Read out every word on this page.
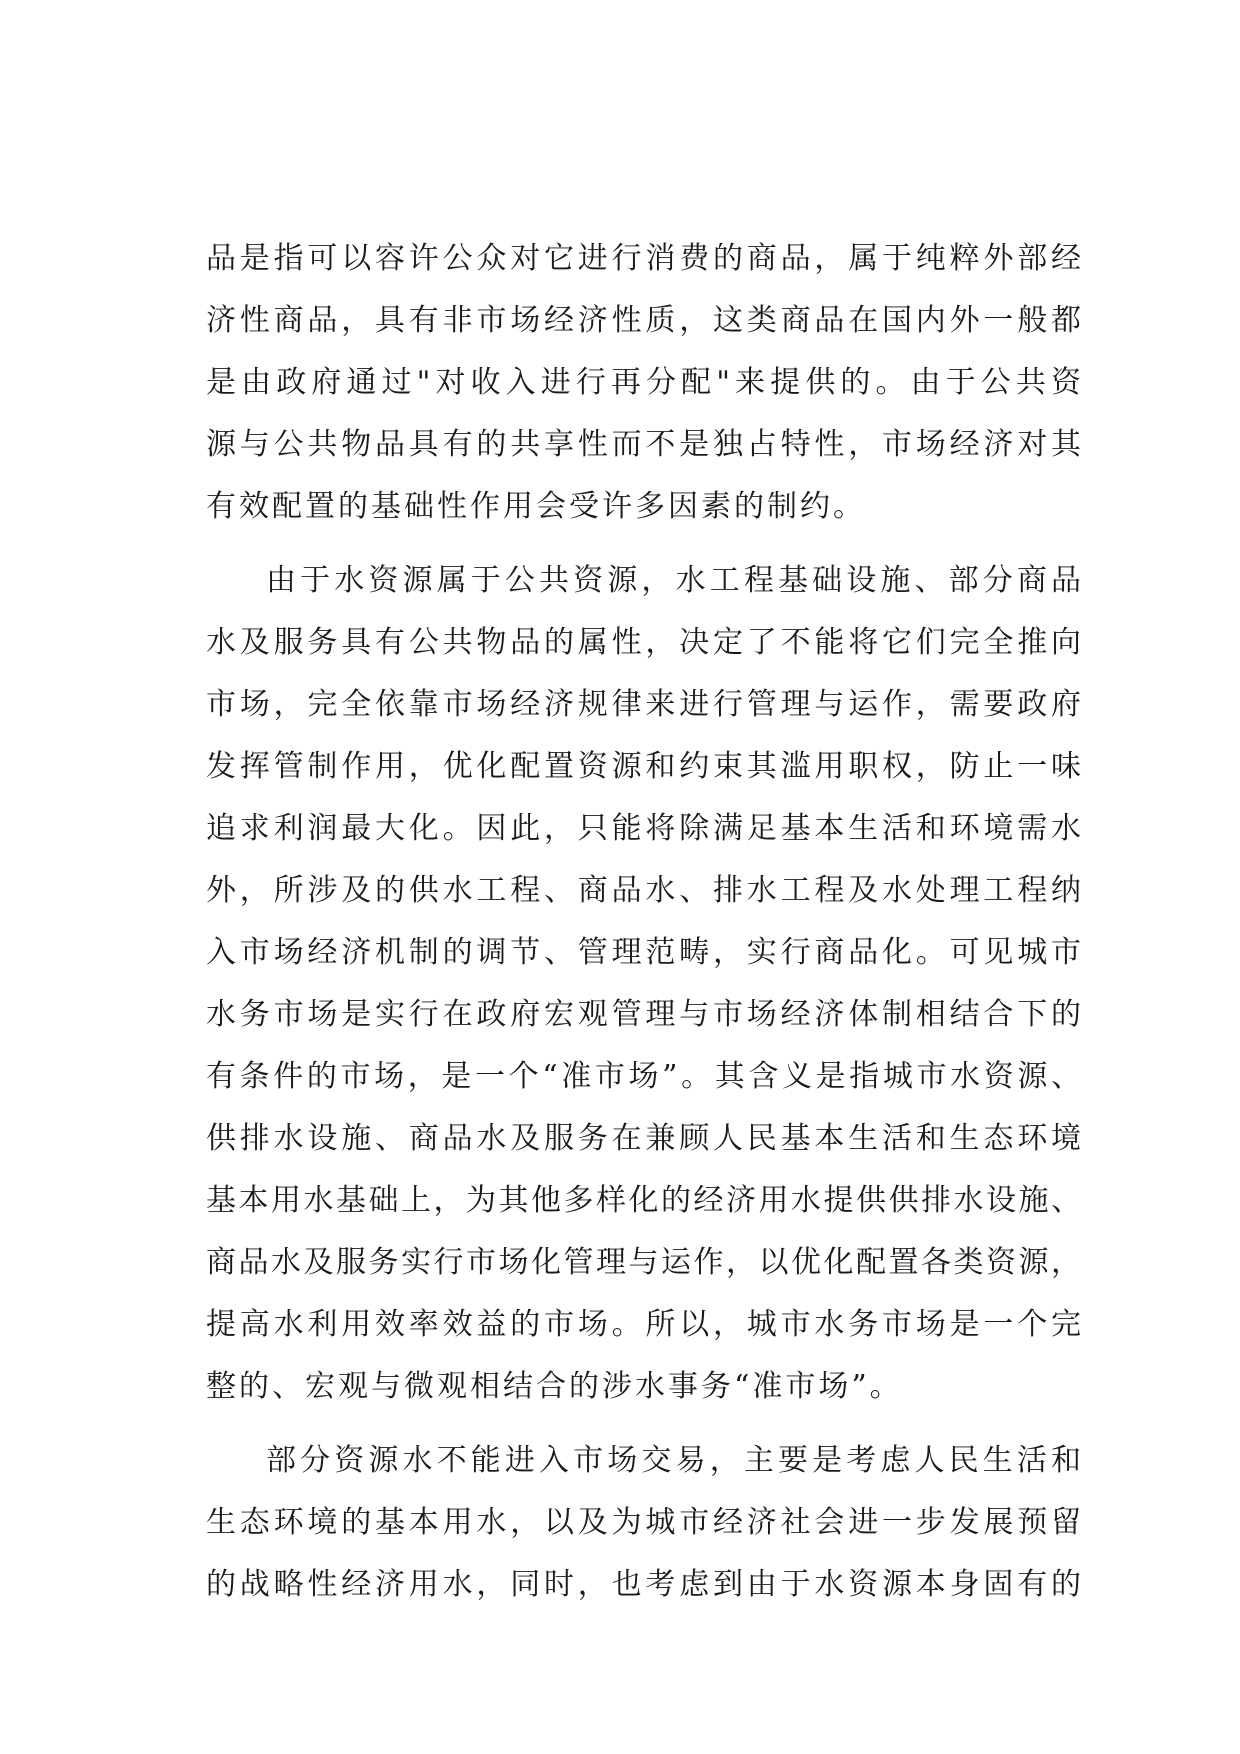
品是指可以容许公众对它进行消费的商品，属于纯粹外部经
济性商品，具有非市场经济性质，这类商品在国内外一般都
是由政府通过"对收入进行再分配"来提供的。由于公共资
源与公共物品具有的共享性而不是独占特性，市场经济对其
有效配置的基础性作用会受许多因素的制约。
由于水资源属于公共资源，水工程基础设施、部分商品
水及服务具有公共物品的属性，决定了不能将它们完全推向
市场，完全依靠市场经济规律来进行管理与运作，需要政府
发挥管制作用，优化配置资源和约束其滥用职权，防止一味
追求利润最大化。因此，只能将除满足基本生活和环境需水
外，所涉及的供水工程、商品水、排水工程及水处理工程纳
入市场经济机制的调节、管理范畴，实行商品化。可见城市
水务市场是实行在政府宏观管理与市场经济体制相结合下的
有条件的市场，是一个“准市场”。其含义是指城市水资源、
供排水设施、商品水及服务在兼顾人民基本生活和生态环境
基本用水基础上，为其他多样化的经济用水提供供排水设施、
商品水及服务实行市场化管理与运作，以优化配置各类资源，
提高水利用效率效益的市场。所以，城市水务市场是一个完
整的、宏观与微观相结合的涉水事务“准市场”。
部分资源水不能进入市场交易，主要是考虑人民生活和
生态环境的基本用水，以及为城市经济社会进一步发展预留
的战略性经济用水，同时，也考虑到由于水资源本身固有的
